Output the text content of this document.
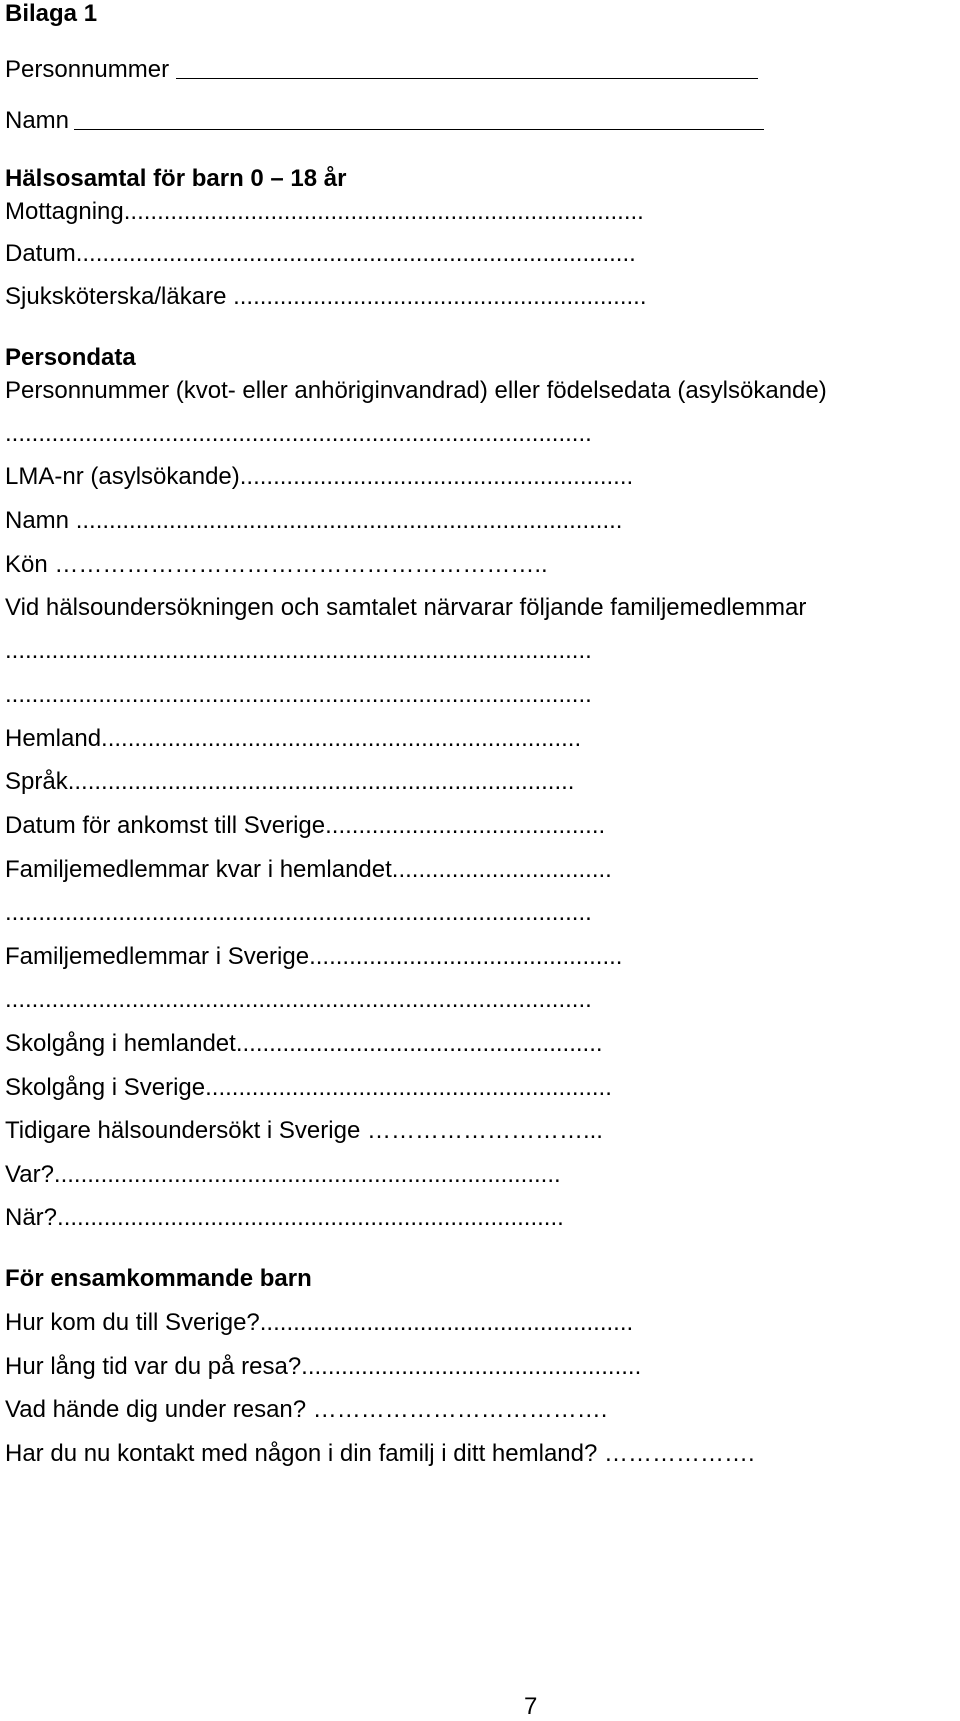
Bilaga 1
Personnummer
Namn
Hälsosamtal för barn 0 – 18 år
Mottagning..............................................................................
Datum....................................................................................
Sjuksköterska/läkare ..............................................................
Persondata
Personnummer (kvot- eller anhöriginvandrad) eller födelsedata (asylsökande)
........................................................................................
LMA-nr (asylsökande)...........................................................
Namn ..................................................................................
Kön ……………………………………………………..
Vid hälsoundersökningen och samtalet närvarar följande familjemedlemmar
........................................................................................
........................................................................................
Hemland........................................................................
Språk............................................................................
Datum för ankomst till Sverige..........................................
Familjemedlemmar kvar i hemlandet.................................
........................................................................................
Familjemedlemmar i Sverige...............................................
........................................................................................
Skolgång i hemlandet.......................................................
Skolgång i Sverige.............................................................
Tidigare hälsoundersökt i Sverige ………………………...
Var?............................................................................
När?............................................................................
För ensamkommande barn
Hur kom du till Sverige?........................................................
Hur lång tid var du på resa?...................................................
Vad hände dig under resan? ……………………………….
Har du nu kontakt med någon i din familj i ditt hemland? ……………….
7
